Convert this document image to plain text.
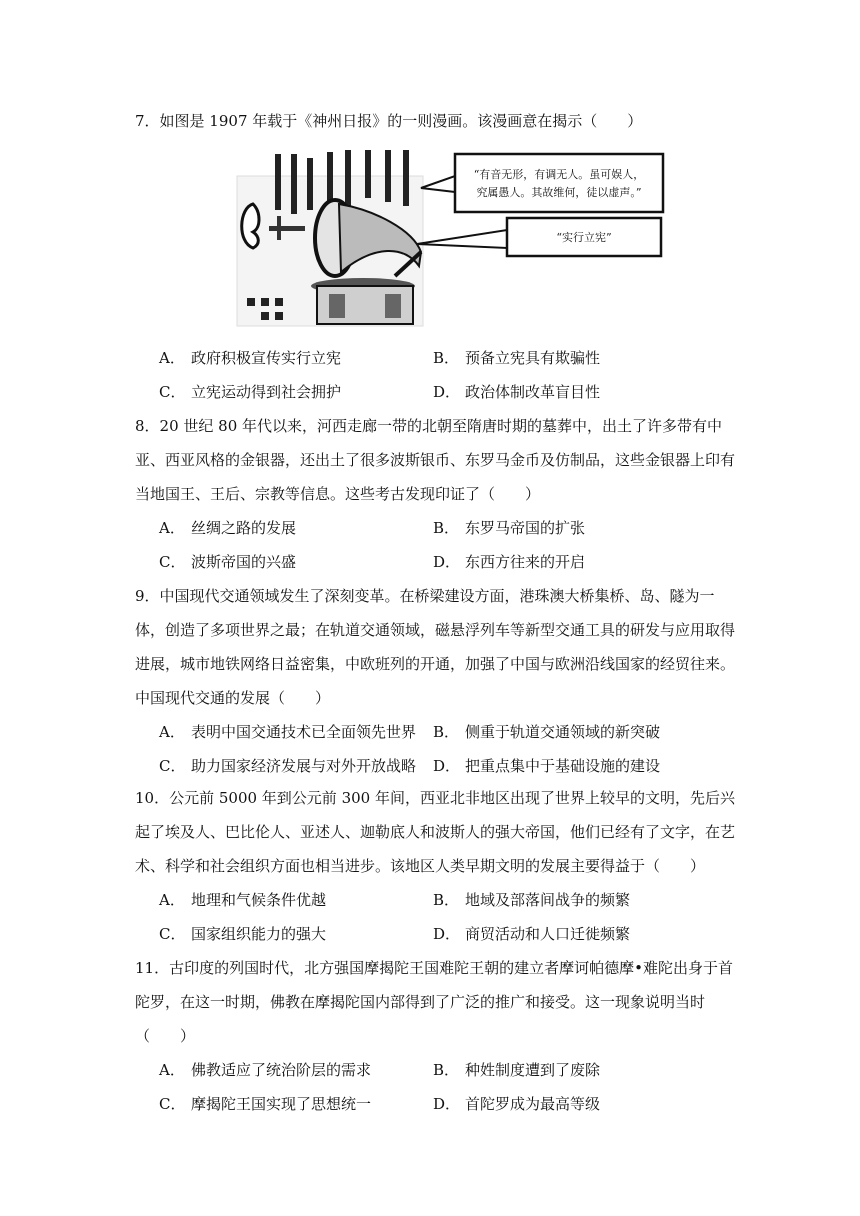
7．如图是 1907 年载于《神州日报》的一则漫画。该漫画意在揭示（　　）

“有音无形，有调无人。虽可娱人，
究属愚人。其故维何，徒以虚声。”
“实行立宪”
A． 政府积极宣传实行立宪	B． 预备立宪具有欺骗性
C． 立宪运动得到社会拥护	D． 政治体制改革盲目性

8．20 世纪 80 年代以来，河西走廊一带的北朝至隋唐时期的墓葬中，出土了许多带有中亚、西亚风格的金银器，还出土了很多波斯银币、东罗马金币及仿制品，这些金银器上印有当地国王、王后、宗教等信息。这些考古发现印证了（　　）

A． 丝绸之路的发展	B． 东罗马帝国的扩张
C． 波斯帝国的兴盛	D． 东西方往来的开启

9．中国现代交通领域发生了深刻变革。在桥梁建设方面，港珠澳大桥集桥、岛、隧为一体，创造了多项世界之最；在轨道交通领域，磁悬浮列车等新型交通工具的研发与应用取得进展，城市地铁网络日益密集，中欧班列的开通，加强了中国与欧洲沿线国家的经贸往来。中国现代交通的发展（　　）

A． 表明中国交通技术已全面领先世界 B． 侧重于轨道交通领域的新突破
C． 助力国家经济发展与对外开放战略 D． 把重点集中于基础设施的建设

10．公元前 5000 年到公元前 300 年间，西亚北非地区出现了世界上较早的文明，先后兴起了埃及人、巴比伦人、亚述人、迦勒底人和波斯人的强大帝国，他们已经有了文字，在艺术、科学和社会组织方面也相当进步。该地区人类早期文明的发展主要得益于（　　）

A． 地理和气候条件优越	B． 地域及部落间战争的频繁
C． 国家组织能力的强大	D． 商贸活动和人口迁徙频繁

11．古印度的列国时代，北方强国摩揭陀王国难陀王朝的建立者摩诃帕德摩•难陀出身于首陀罗，在这一时期，佛教在摩揭陀国内部得到了广泛的推广和接受。这一现象说明当时（　　）

A． 佛教适应了统治阶层的需求	B． 种姓制度遭到了废除
C． 摩揭陀王国实现了思想统一	D． 首陀罗成为最高等级
